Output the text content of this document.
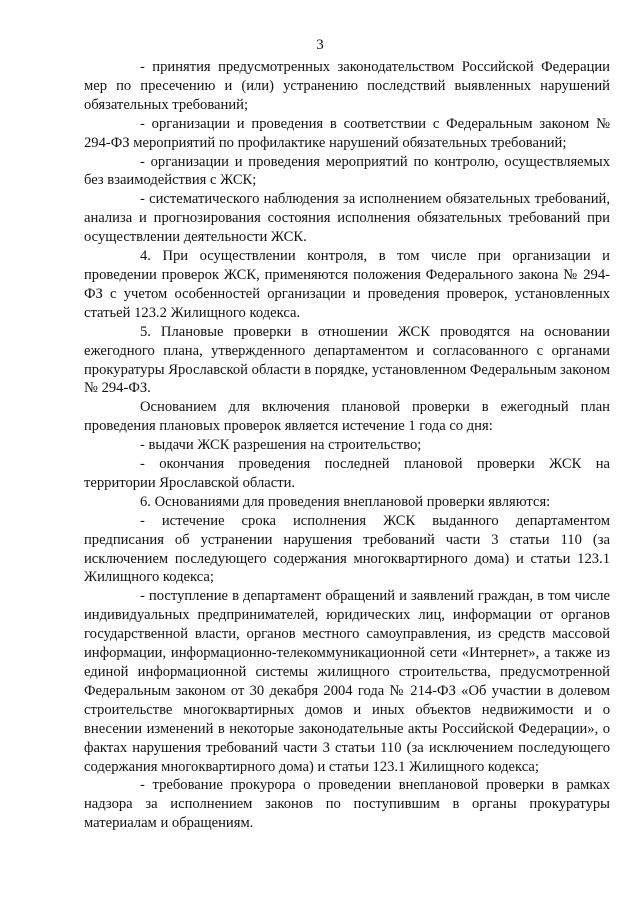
3

- принятия предусмотренных законодательством Российской Федерации мер по пресечению и (или) устранению последствий выявленных нарушений обязательных требований;

- организации и проведения в соответствии с Федеральным законом № 294-ФЗ мероприятий по профилактике нарушений обязательных требований;

- организации и проведения мероприятий по контролю, осуществляемых без взаимодействия с ЖСК;

- систематического наблюдения за исполнением обязательных требований, анализа и прогнозирования состояния исполнения обязательных требований при осуществлении деятельности ЖСК.

4. При осуществлении контроля, в том числе при организации и проведении проверок ЖСК, применяются положения Федерального закона № 294-ФЗ с учетом особенностей организации и проведения проверок, установленных статьей 123.2 Жилищного кодекса.

5. Плановые проверки в отношении ЖСК проводятся на основании ежегодного плана, утвержденного департаментом и согласованного с органами прокуратуры Ярославской области в порядке, установленном Федеральным законом № 294-ФЗ.

Основанием для включения плановой проверки в ежегодный план проведения плановых проверок является истечение 1 года со дня:

- выдачи ЖСК разрешения на строительство;

- окончания проведения последней плановой проверки ЖСК на территории Ярославской области.

6. Основаниями для проведения внеплановой проверки являются:

- истечение срока исполнения ЖСК выданного департаментом предписания об устранении нарушения требований части 3 статьи 110 (за исключением последующего содержания многоквартирного дома) и статьи 123.1 Жилищного кодекса;

- поступление в департамент обращений и заявлений граждан, в том числе индивидуальных предпринимателей, юридических лиц, информации от органов государственной власти, органов местного самоуправления, из средств массовой информации, информационно-телекоммуникационной сети «Интернет», а также из единой информационной системы жилищного строительства, предусмотренной Федеральным законом от 30 декабря 2004 года № 214-ФЗ «Об участии в долевом строительстве многоквартирных домов и иных объектов недвижимости и о внесении изменений в некоторые законодательные акты Российской Федерации», о фактах нарушения требований части 3 статьи 110 (за исключением последующего содержания многоквартирного дома) и статьи 123.1 Жилищного кодекса;

- требование прокурора о проведении внеплановой проверки в рамках надзора за исполнением законов по поступившим в органы прокуратуры материалам и обращениям.
